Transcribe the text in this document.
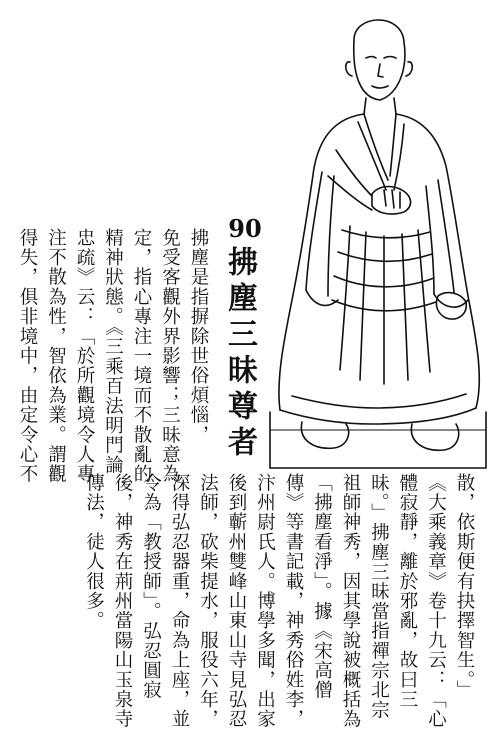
90
拂塵三昧尊者
拂塵是指摒除世俗煩惱，
免受客觀外界影響；三昧意為
定，指心專注一境而不散亂的
精神狀態。《三乘百法明門論
忠疏》云：「於所觀境令人專
注不散為性，智依為業。謂觀
得失，俱非境中，由定令心不
散，依斯便有抉擇智生。」
《大乘義章》卷十九云：「心
體寂靜，離於邪亂，故曰三
昧。」拂塵三昧當指禪宗北宗
祖師神秀，因其學說被概括為
「拂塵看淨」。據《宋高僧
傳》等書記載，神秀俗姓李，
汴州尉氏人。博學多聞，出家
後到蘄州雙峰山東山寺見弘忍
法師，砍柴提水，服役六年，
深得弘忍器重，命為上座，並
令為「教授師」。弘忍圓寂
後，神秀在荊州當陽山玉泉寺
傳法，徒人很多。
